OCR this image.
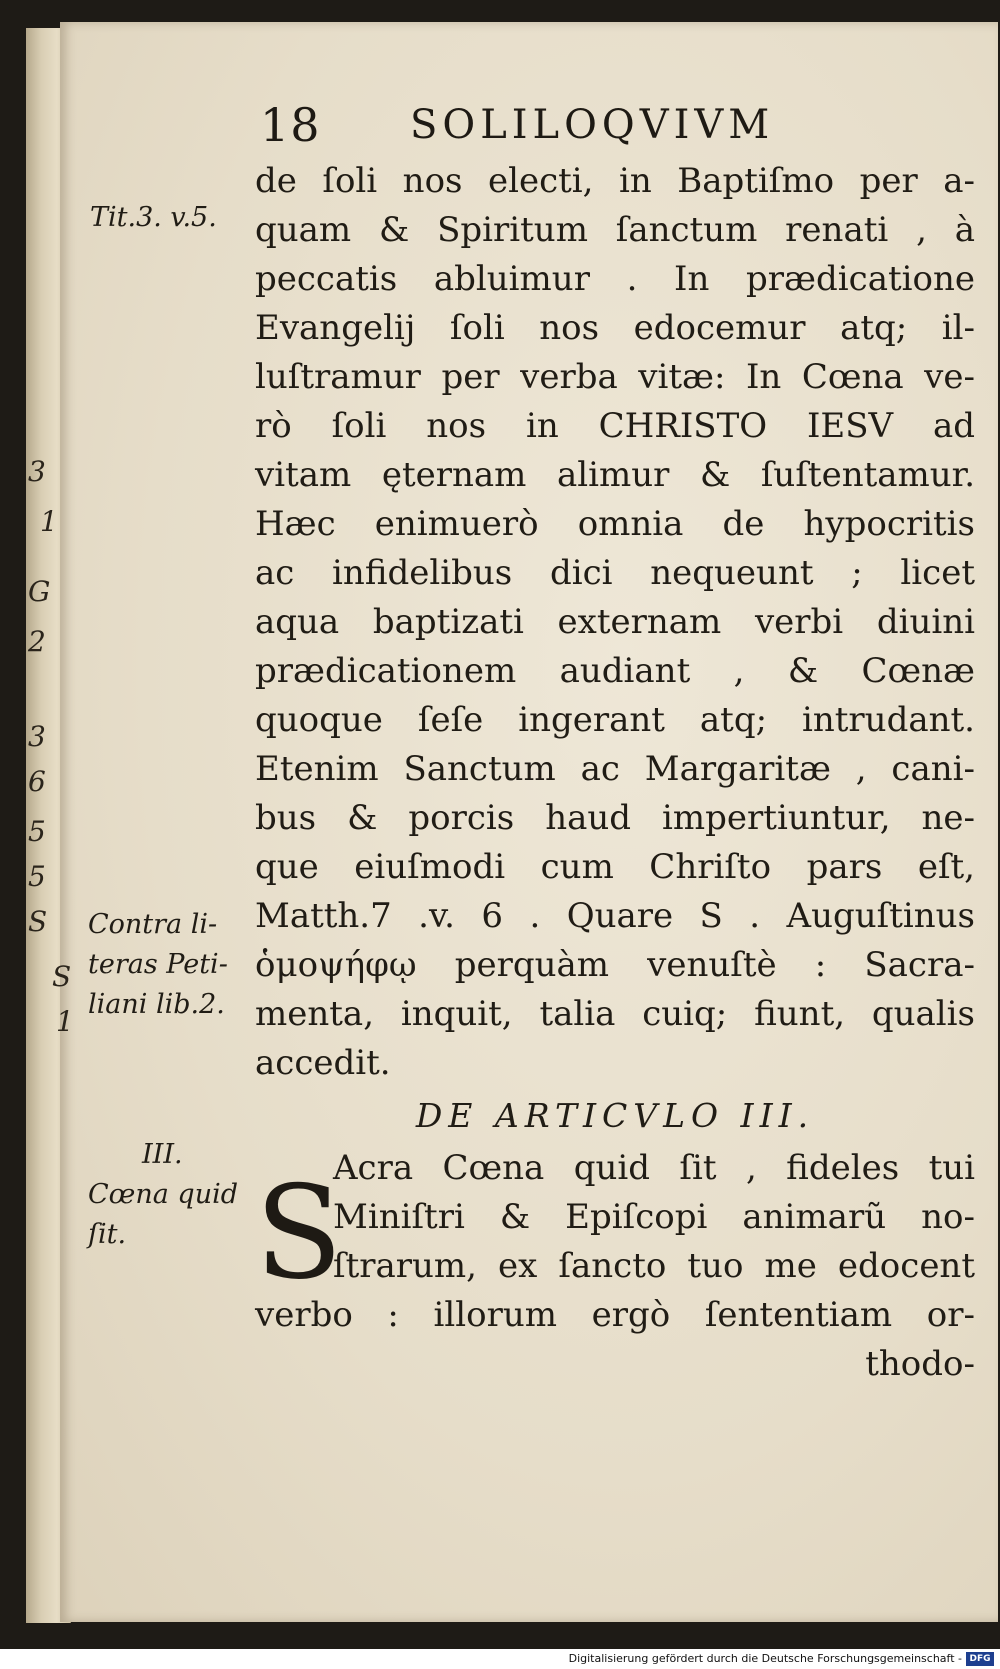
3
1
G
2
3
6
5
5
S
S
1
18 SOLILOQVIVM
Tit.3. v.5.
Contra li-
teras Peti-
liani lib.2.
III.
Cœna quid
ſit.
de ſoli nos electi, in Baptiſmo per a-
quam & Spiritum ſanctum renati , à
peccatis abluimur . In prædicatione
Evangelij ſoli nos edocemur atq; il-
luſtramur per verba vitæ: In Cœna ve-
rò ſoli nos in CHRISTO IESV ad
vitam ęternam alimur & ſuſtentamur.
Hæc enimuerò omnia de hypocritis
ac infidelibus dici nequeunt ; licet
aqua baptizati externam verbi diuini
prædicationem audiant , & Cœnæ
quoque ſeſe ingerant atq; intrudant.
Etenim Sanctum ac Margaritæ , cani-
bus & porcis haud impertiuntur, ne-
que eiuſmodi cum Chriſto pars eſt,
Matth.7 .v. 6 . Quare S . Auguſtinus
ὁμοψήφῳ perquàm venuſtè : Sacra-
menta, inquit, talia cuiq; fiunt, qualis
accedit.
DE ARTICVLO III.
Acra Cœna quid ſit , fideles tui
Miniſtri & Epiſcopi animarũ no-
ſtrarum, ex ſancto tuo me edocent
verbo : illorum ergò ſententiam or-
thodo-
S
Digitalisierung gefördert durch die Deutsche Forschungsgemeinschaft - DFG
